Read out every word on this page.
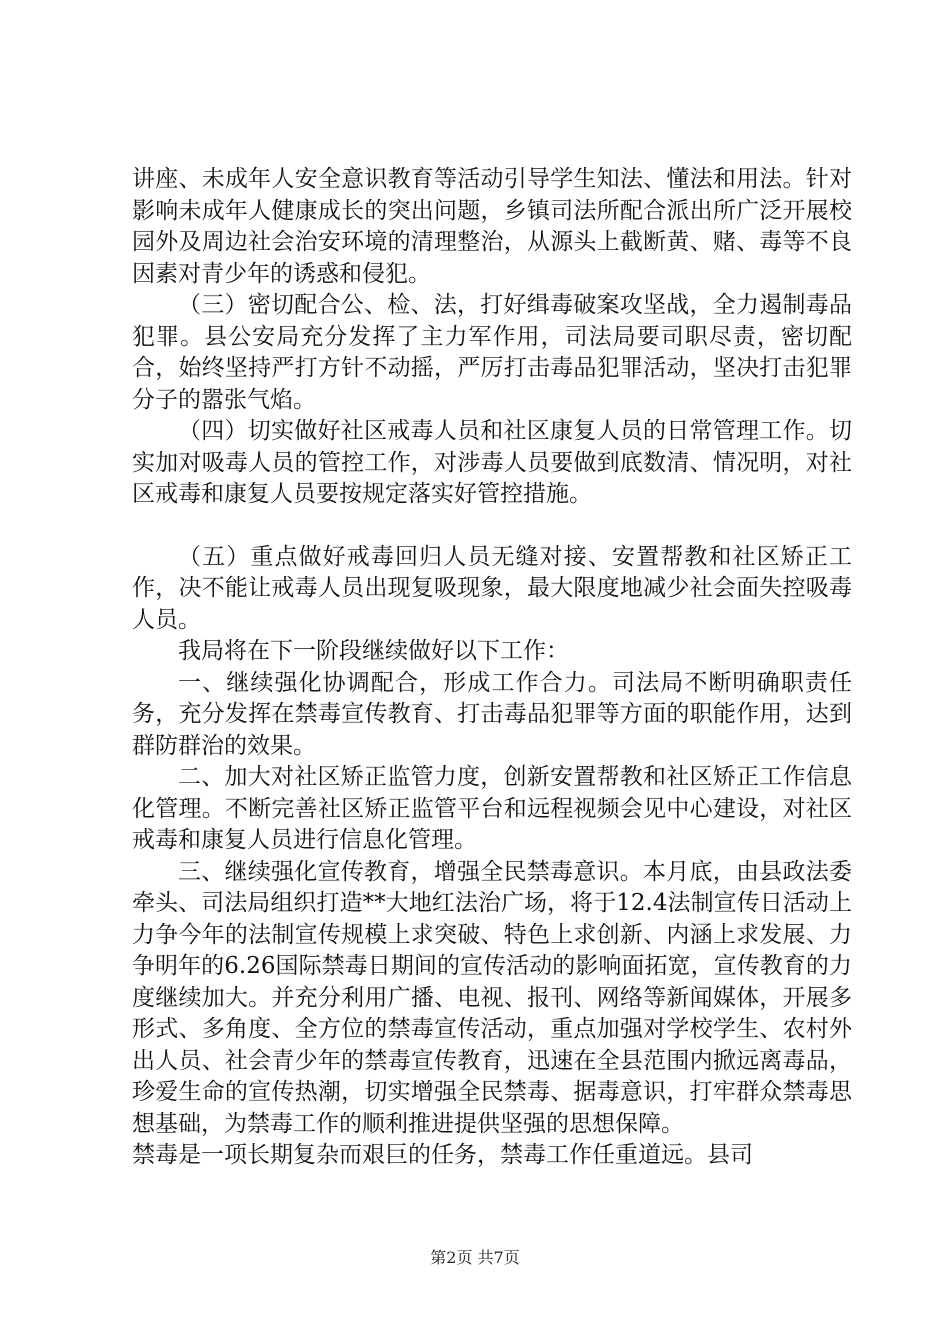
讲座、未成年人安全意识教育等活动引导学生知法、懂法和用法。针对影响未成年人健康成长的突出问题，乡镇司法所配合派出所广泛开展校园外及周边社会治安环境的清理整治，从源头上截断黄、赌、毒等不良因素对青少年的诱惑和侵犯。

（三）密切配合公、检、法，打好缉毒破案攻坚战，全力遏制毒品犯罪。县公安局充分发挥了主力军作用，司法局要司职尽责，密切配合，始终坚持严打方针不动摇，严厉打击毒品犯罪活动，坚决打击犯罪分子的嚣张气焰。

（四）切实做好社区戒毒人员和社区康复人员的日常管理工作。切实加对吸毒人员的管控工作，对涉毒人员要做到底数清、情况明，对社区戒毒和康复人员要按规定落实好管控措施。

（五）重点做好戒毒回归人员无缝对接、安置帮教和社区矫正工作，决不能让戒毒人员出现复吸现象，最大限度地减少社会面失控吸毒人员。

我局将在下一阶段继续做好以下工作：

一、继续强化协调配合，形成工作合力。司法局不断明确职责任务，充分发挥在禁毒宣传教育、打击毒品犯罪等方面的职能作用，达到群防群治的效果。

二、加大对社区矫正监管力度，创新安置帮教和社区矫正工作信息化管理。不断完善社区矫正监管平台和远程视频会见中心建设，对社区戒毒和康复人员进行信息化管理。

三、继续强化宣传教育，增强全民禁毒意识。本月底，由县政法委牵头、司法局组织打造**大地红法治广场，将于12.4法制宣传日活动上力争今年的法制宣传规模上求突破、特色上求创新、内涵上求发展、力争明年的6.26国际禁毒日期间的宣传活动的影响面拓宽，宣传教育的力度继续加大。并充分利用广播、电视、报刊、网络等新闻媒体，开展多形式、多角度、全方位的禁毒宣传活动，重点加强对学校学生、农村外出人员、社会青少年的禁毒宣传教育，迅速在全县范围内掀远离毒品，珍爱生命的宣传热潮，切实增强全民禁毒、据毒意识，打牢群众禁毒思想基础，为禁毒工作的顺利推进提供坚强的思想保障。

禁毒是一项长期复杂而艰巨的任务，禁毒工作任重道远。县司

第2页 共7页
